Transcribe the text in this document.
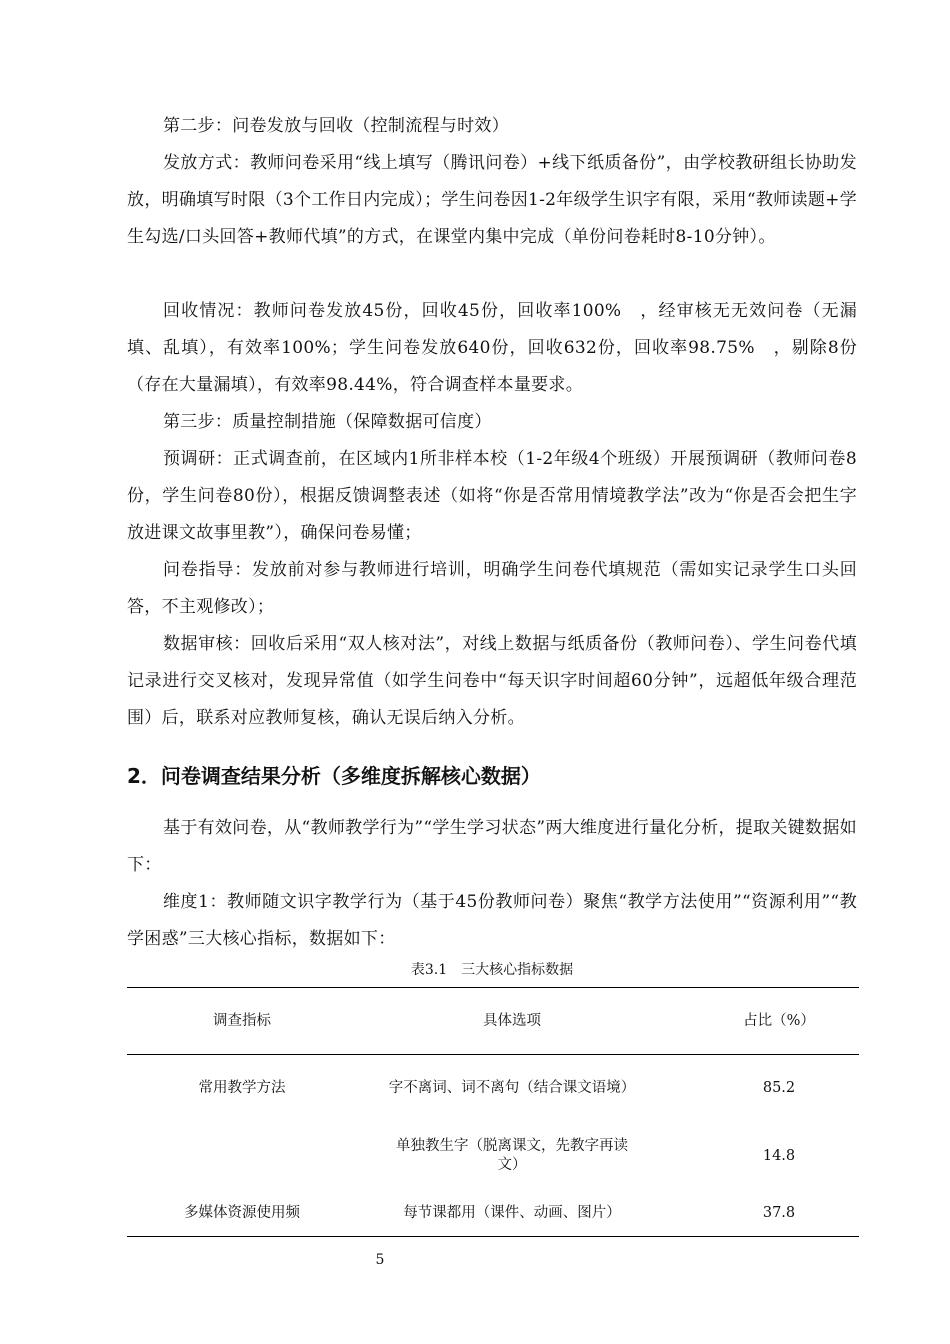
第二步：问卷发放与回收（控制流程与时效）

发放方式：教师问卷采用“线上填写（腾讯问卷）+线下纸质备份”，由学校教研组长协助发放，明确填写时限（3个工作日内完成）；学生问卷因1-2年级学生识字有限，采用“教师读题+学生勾选/口头回答+教师代填”的方式，在课堂内集中完成（单份问卷耗时8-10分钟）。

回收情况：教师问卷发放45份，回收45份，回收率100%　，经审核无无效问卷（无漏填、乱填），有效率100%；学生问卷发放640份，回收632份，回收率98.75%　，剔除8份（存在大量漏填），有效率98.44%，符合调查样本量要求。

第三步：质量控制措施（保障数据可信度）

预调研：正式调查前，在区域内1所非样本校（1-2年级4个班级）开展预调研（教师问卷8份，学生问卷80份），根据反馈调整表述（如将“你是否常用情境教学法”改为“你是否会把生字放进课文故事里教”），确保问卷易懂；

问卷指导：发放前对参与教师进行培训，明确学生问卷代填规范（需如实记录学生口头回答，不主观修改）；

数据审核：回收后采用“双人核对法”，对线上数据与纸质备份（教师问卷）、学生问卷代填记录进行交叉核对，发现异常值（如学生问卷中“每天识字时间超60分钟”，远超低年级合理范围）后，联系对应教师复核，确认无误后纳入分析。

2．问卷调查结果分析（多维度拆解核心数据）

基于有效问卷，从“教师教学行为”“学生学习状态”两大维度进行量化分析，提取关键数据如下：

维度1：教师随文识字教学行为（基于45份教师问卷）聚焦“教学方法使用”“资源利用”“教学困惑”三大核心指标，数据如下：

表3.1　三大核心指标数据

调查指标	具体选项	占比（%）
常用教学方法	字不离词、词不离句（结合课文语境）	85.2
	单独教生字（脱离课文，先教字再读文）	14.8
多媒体资源使用频	每节课都用（课件、动画、图片）	37.8
5
